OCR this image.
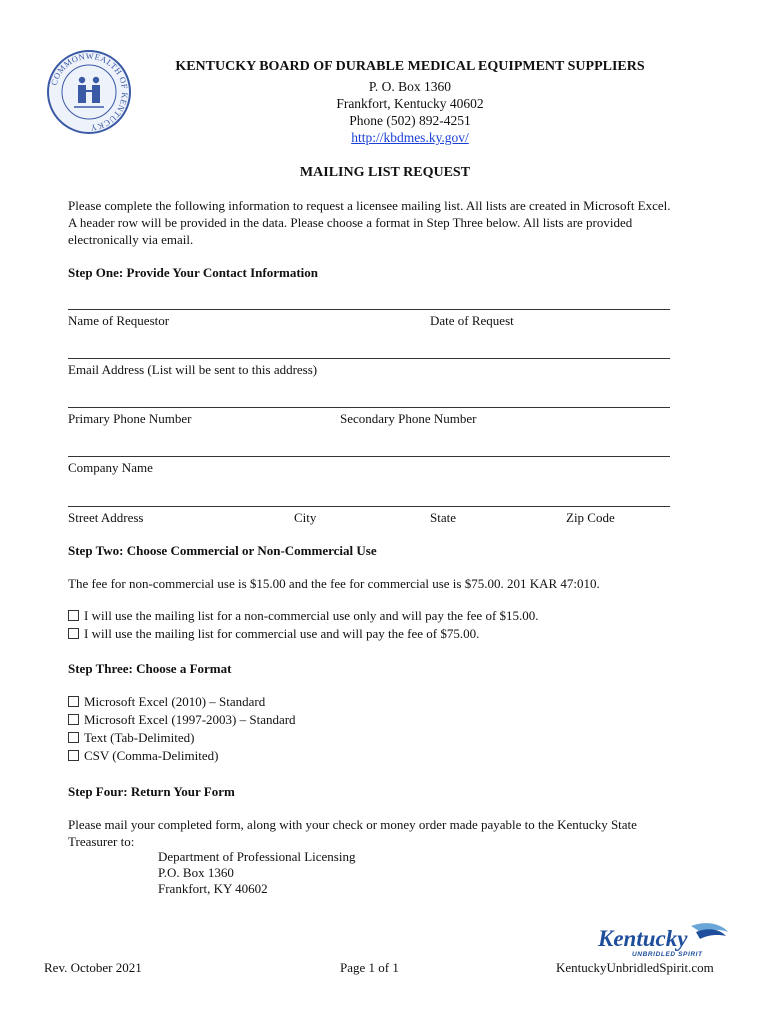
COMMONWEALTH OF KENTUCKY
KENTUCKY BOARD OF DURABLE MEDICAL EQUIPMENT SUPPLIERS
P. O. Box 1360
Frankfort, Kentucky 40602
Phone (502) 892-4251
http://kbdmes.ky.gov/
MAILING LIST REQUEST
Please complete the following information to request a licensee mailing list. All lists are created in Microsoft Excel. A header row will be provided in the data. Please choose a format in Step Three below. All lists are provided electronically via email.
Step One: Provide Your Contact Information
Name of Requestor	Date of Request
Email Address (List will be sent to this address)
Primary Phone Number	Secondary Phone Number
Company Name
Street Address	City	State	Zip Code
Step Two: Choose Commercial or Non-Commercial Use
The fee for non-commercial use is $15.00 and the fee for commercial use is $75.00. 201 KAR 47:010.
I will use the mailing list for a non-commercial use only and will pay the fee of $15.00.
I will use the mailing list for commercial use and will pay the fee of $75.00.
Step Three: Choose a Format
Microsoft Excel (2010) – Standard
Microsoft Excel (1997-2003) – Standard
Text (Tab-Delimited)
CSV (Comma-Delimited)
Step Four: Return Your Form
Please mail your completed form, along with your check or money order made payable to the Kentucky State Treasurer to:
Department of Professional Licensing
P.O. Box 1360
Frankfort, KY 40602
Kentucky
UNBRIDLED SPIRIT
Rev. October 2021	Page 1 of 1	KentuckyUnbridledSpirit.com
